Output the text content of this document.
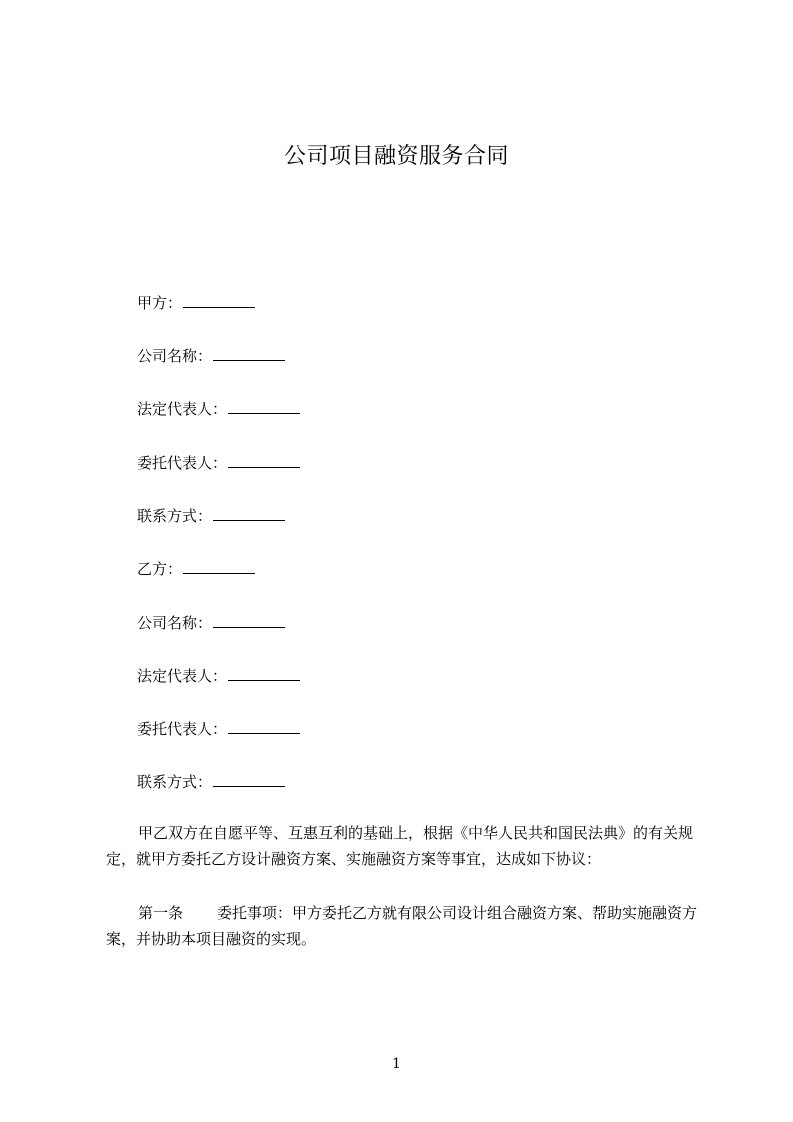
公司项目融资服务合同
甲方：
公司名称：
法定代表人：
委托代表人：
联系方式：
乙方：
公司名称：
法定代表人：
委托代表人：
联系方式：
甲乙双方在自愿平等、互惠互利的基础上，根据《中华人民共和国民法典》的有关规定，就甲方委托乙方设计融资方案、实施融资方案等事宜，达成如下协议：
第一条 委托事项：甲方委托乙方就有限公司设计组合融资方案、帮助实施融资方案，并协助本项目融资的实现。
1
